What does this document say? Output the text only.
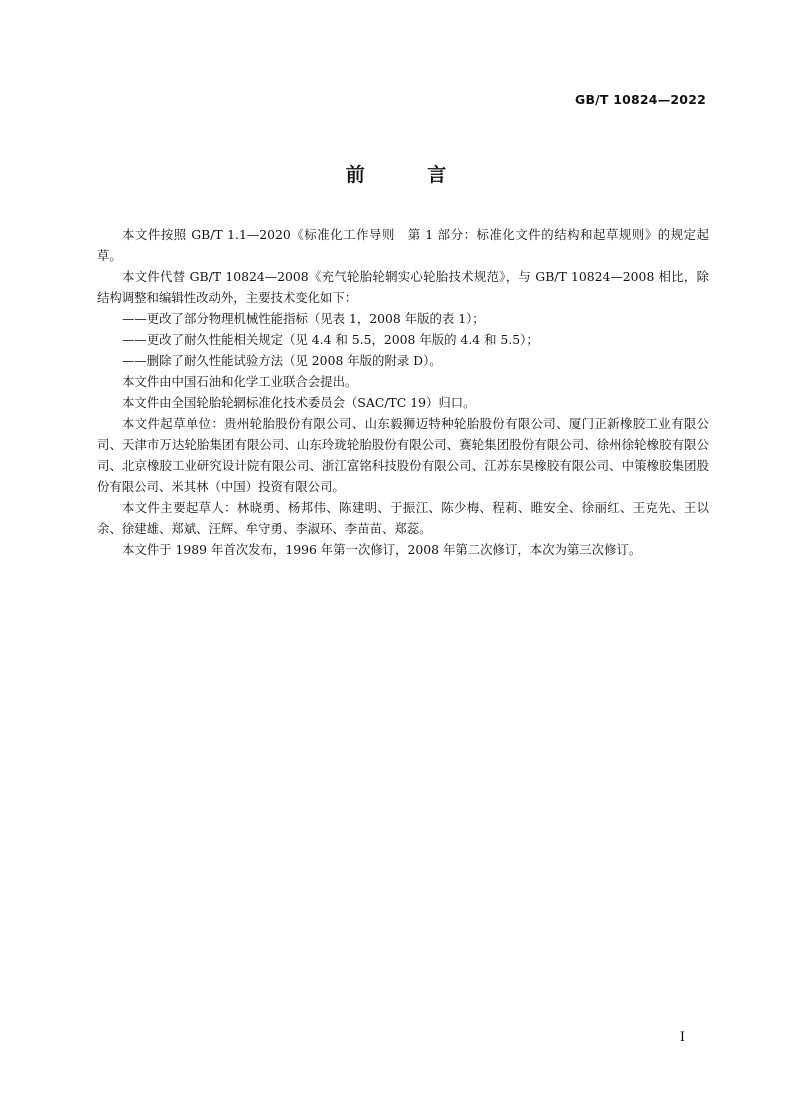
GB/T 10824—2022
前 言

本文件按照 GB/T 1.1—2020《标准化工作导则　第 1 部分：标准化文件的结构和起草规则》的规定起草。

本文件代替 GB/T 10824—2008《充气轮胎轮辋实心轮胎技术规范》，与 GB/T 10824—2008 相比，除结构调整和编辑性改动外，主要技术变化如下：

——更改了部分物理机械性能指标（见表 1，2008 年版的表 1）；

——更改了耐久性能相关规定（见 4.4 和 5.5，2008 年版的 4.4 和 5.5）；

——删除了耐久性能试验方法（见 2008 年版的附录 D）。

本文件由中国石油和化学工业联合会提出。

本文件由全国轮胎轮辋标准化技术委员会（SAC/TC 19）归口。

本文件起草单位：贵州轮胎股份有限公司、山东毅狮迈特种轮胎股份有限公司、厦门正新橡胶工业有限公司、天津市万达轮胎集团有限公司、山东玲珑轮胎股份有限公司、赛轮集团股份有限公司、徐州徐轮橡胶有限公司、北京橡胶工业研究设计院有限公司、浙江富铭科技股份有限公司、江苏东昊橡胶有限公司、中策橡胶集团股份有限公司、米其林（中国）投资有限公司。

本文件主要起草人：林晓勇、杨邦伟、陈建明、于振江、陈少梅、程莉、睢安全、徐丽红、王克先、王以余、徐建雄、郑斌、汪辉、牟守勇、李淑环、李苗苗、郑蕊。

本文件于 1989 年首次发布，1996 年第一次修订，2008 年第二次修订，本次为第三次修订。

I
